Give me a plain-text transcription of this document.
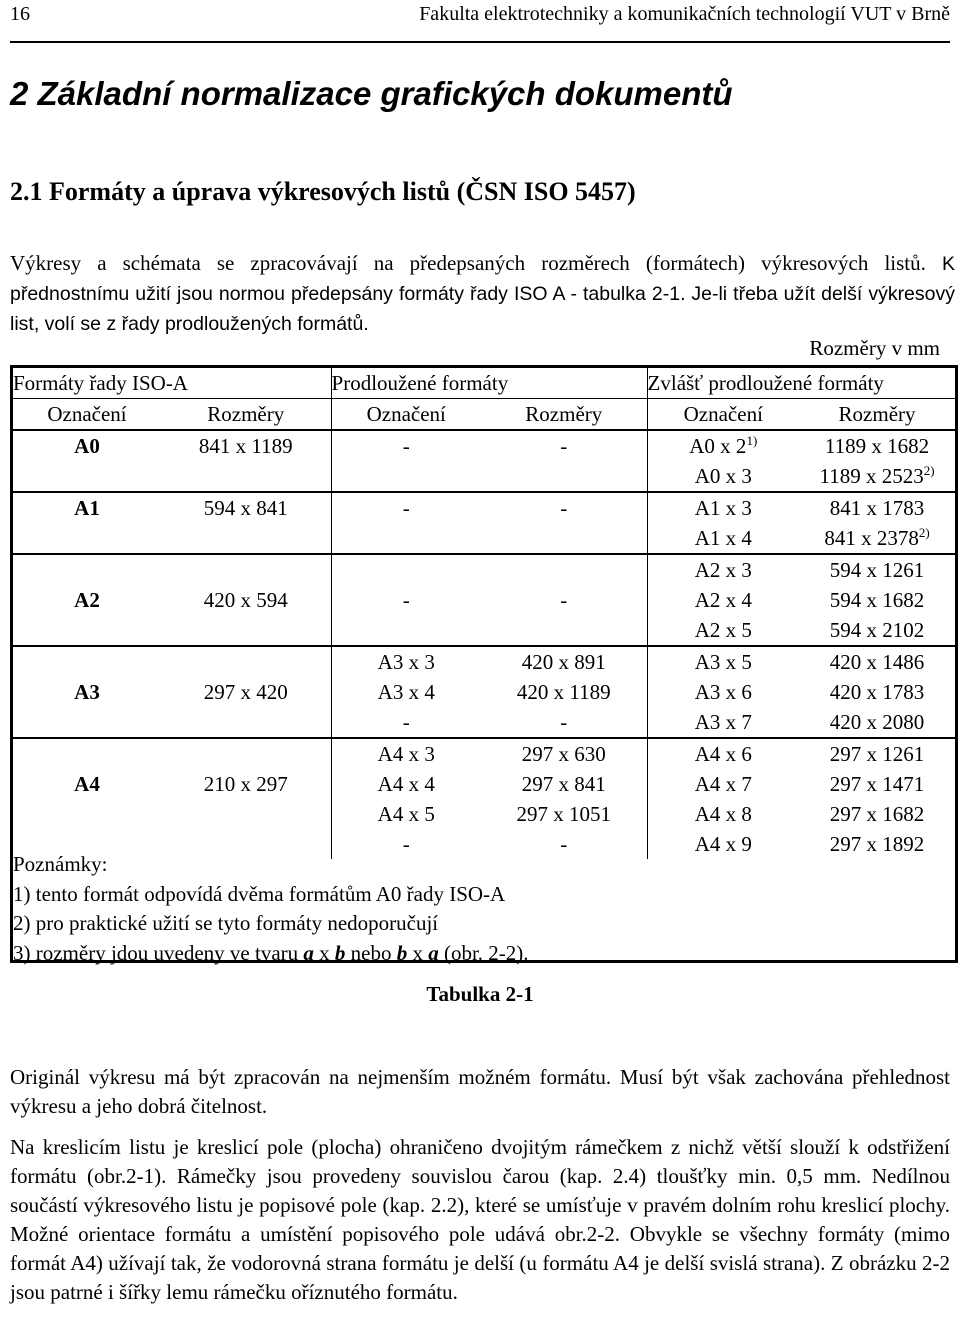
16	Fakulta elektrotechniky a komunikačních technologií VUT v Brně
2 Základní normalizace grafických dokumentů
2.1 Formáty a úprava výkresových listů (ČSN ISO 5457)

Výkresy a schémata se zpracovávají na předepsaných rozměrech (formátech) výkresových listů. K přednostnímu užití jsou normou předepsány formáty řady ISO A - tabulka 2-1. Je-li třeba užít delší výkresový list, volí se z řady prodloužených formátů.

Rozměry v mm
Formáty řady ISO-A		Prodloužené formáty		Zvlášť prodloužené formáty	
Označení	Rozměry	Označení	Rozměry	Označení	Rozměry
A0	841 x 1189	-	-	A0 x 2$^{1)}$	1189 x 1682
				A0 x 3	1189 x 2523$^{2)}$
A1	594 x 841	-	-	A1 x 3	841 x 1783
				A1 x 4	841 x 2378$^{2)}$
				A2 x 3	594 x 1261
A2	420 x 594	-	-	A2 x 4	594 x 1682
				A2 x 5	594 x 2102
		A3 x 3	420 x 891	A3 x 5	420 x 1486
A3	297 x 420	A3 x 4	420 x 1189	A3 x 6	420 x 1783
		-	-	A3 x 7	420 x 2080
		A4 x 3	297 x 630	A4 x 6	297 x 1261
A4	210 x 297	A4 x 4	297 x 841	A4 x 7	297 x 1471
		A4 x 5	297 x 1051	A4 x 8	297 x 1682
		-	-	A4 x 9	297 x 1892
Poznámky:
1) tento formát odpovídá dvěma formátům A0 řady ISO-A
2) pro praktické užití se tyto formáty nedoporučují
3) rozměry jdou uvedeny ve tvaru a x b nebo b x a (obr. 2-2).
Tabulka 2-1

Originál výkresu má být zpracován na nejmenším možném formátu. Musí být však zachována přehlednost výkresu a jeho dobrá čitelnost.

Na kreslicím listu je kreslicí pole (plocha) ohraničeno dvojitým rámečkem z nichž větší slouží k odstřižení formátu (obr.2-1). Rámečky jsou provedeny souvislou čarou (kap. 2.4) tloušťky min. 0,5 mm. Nedílnou součástí výkresového listu je popisové pole (kap. 2.2), které se umísťuje v pravém dolním rohu kreslicí plochy. Možné orientace formátu a umístění popisového pole udává obr.2-2. Obvykle se všechny formáty (mimo formát A4) užívají tak, že vodorovná strana formátu je delší (u formátu A4 je delší svislá strana). Z obrázku 2-2 jsou patrné i šířky lemu rámečku oříznutého formátu.
